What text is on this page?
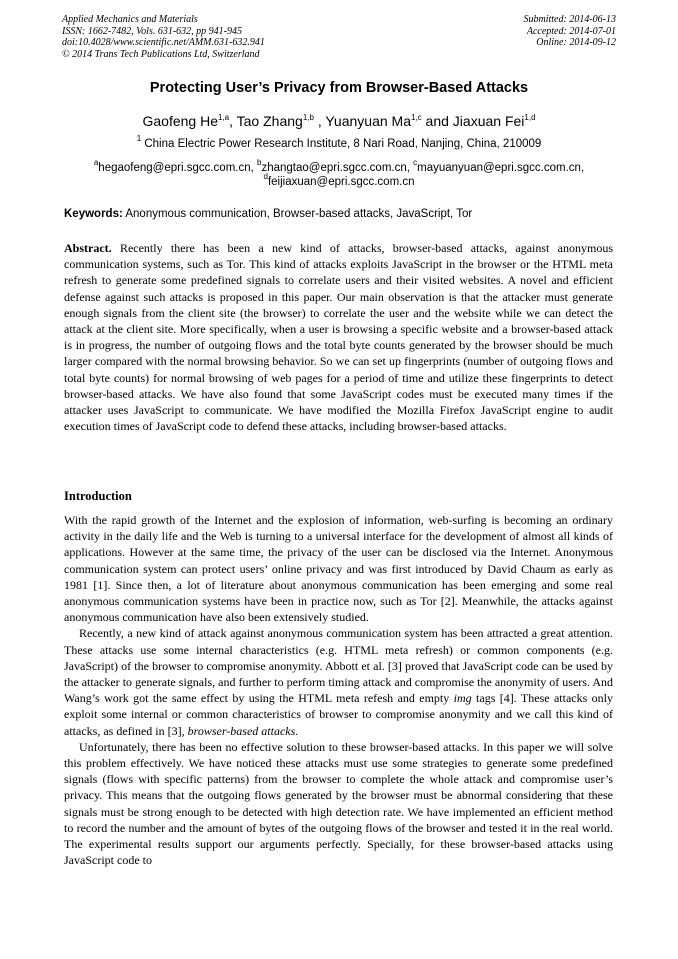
Applied Mechanics and Materials
ISSN: 1662-7482, Vols. 631-632, pp 941-945
doi:10.4028/www.scientific.net/AMM.631-632.941
© 2014 Trans Tech Publications Ltd, Switzerland
Submitted: 2014-06-13
Accepted: 2014-07-01
Online: 2014-09-12
Protecting User’s Privacy from Browser-Based Attacks
Gaofeng He$^{1,a}$, Tao Zhang$^{1,b}$ , Yuanyuan Ma$^{1,c}$ and Jiaxuan Fei$^{1,d}$
$^1$ China Electric Power Research Institute, 8 Nari Road, Nanjing, China, 210009
$^a$hegaofeng@epri.sgcc.com.cn, $^b$zhangtao@epri.sgcc.com.cn, $^c$mayuanyuan@epri.sgcc.com.cn,
$^d$feijiaxuan@epri.sgcc.com.cn
Keywords: Anonymous communication, Browser-based attacks, JavaScript, Tor

Abstract. Recently there has been a new kind of attacks, browser-based attacks, against anonymous communication systems, such as Tor. This kind of attacks exploits JavaScript in the browser or the HTML meta refresh to generate some predefined signals to correlate users and their visited websites. A novel and efficient defense against such attacks is proposed in this paper. Our main observation is that the attacker must generate enough signals from the client site (the browser) to correlate the user and the website while we can detect the attack at the client site. More specifically, when a user is browsing a specific website and a browser-based attack is in progress, the number of outgoing flows and the total byte counts generated by the browser should be much larger compared with the normal browsing behavior. So we can set up fingerprints (number of outgoing flows and total byte counts) for normal browsing of web pages for a period of time and utilize these fingerprints to detect browser-based attacks. We have also found that some JavaScript codes must be executed many times if the attacker uses JavaScript to communicate. We have modified the Mozilla Firefox JavaScript engine to audit execution times of JavaScript code to defend these attacks, including browser-based attacks.

Introduction

With the rapid growth of the Internet and the explosion of information, web-surfing is becoming an ordinary activity in the daily life and the Web is turning to a universal interface for the development of almost all kinds of applications. However at the same time, the privacy of the user can be disclosed via the Internet. Anonymous communication system can protect users’ online privacy and was first introduced by David Chaum as early as 1981 [1]. Since then, a lot of literature about anonymous communication has been emerging and some real anonymous communication systems have been in practice now, such as Tor [2]. Meanwhile, the attacks against anonymous communication have also been extensively studied.

Recently, a new kind of attack against anonymous communication system has been attracted a great attention. These attacks use some internal characteristics (e.g. HTML meta refresh) or common components (e.g. JavaScript) of the browser to compromise anonymity. Abbott et al. [3] proved that JavaScript code can be used by the attacker to generate signals, and further to perform timing attack and compromise the anonymity of users. And Wang’s work got the same effect by using the HTML meta refesh and empty img tags [4]. These attacks only exploit some internal or common characteristics of browser to compromise anonymity and we call this kind of attacks, as defined in [3], browser-based attacks.

Unfortunately, there has been no effective solution to these browser-based attacks. In this paper we will solve this problem effectively. We have noticed these attacks must use some strategies to generate some predefined signals (flows with specific patterns) from the browser to complete the whole attack and compromise user’s privacy. This means that the outgoing flows generated by the browser must be abnormal considering that these signals must be strong enough to be detected with high detection rate. We have implemented an efficient method to record the number and the amount of bytes of the outgoing flows of the browser and tested it in the real world. The experimental results support our arguments perfectly. Specially, for these browser-based attacks using JavaScript code to
